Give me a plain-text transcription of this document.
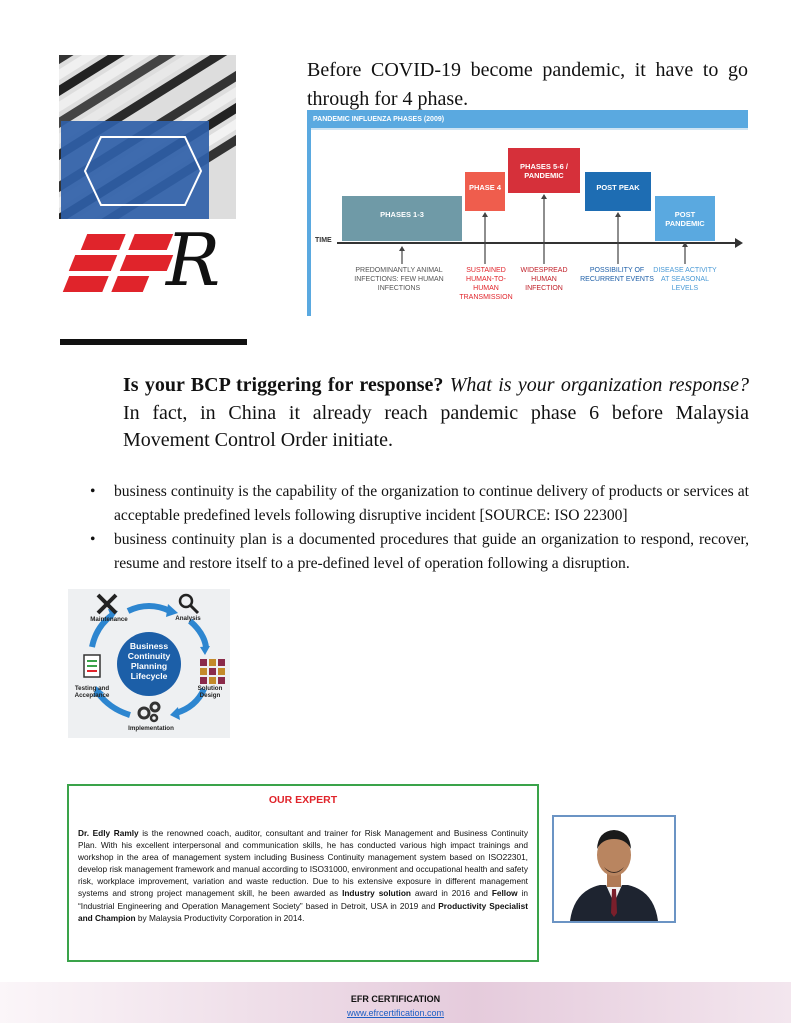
R
Before COVID-19 become pandemic, it have to go
through for 4 phase.
PANDEMIC INFLUENZA PHASES (2009)
TIME
PHASES 1-3
PREDOMINANTLY ANIMAL INFECTIONS: FEW HUMAN INFECTIONS
PHASE 4
SUSTAINED HUMAN-TO-HUMAN TRANSMISSION
PHASES 5-6 / PANDEMIC
WIDESPREAD HUMAN INFECTION
POST PEAK
POSSIBILITY OF RECURRENT EVENTS
POST PANDEMIC
DISEASE ACTIVITY AT SEASONAL LEVELS
Is your BCP triggering for response? What is your organization response? In fact, in China it already reach pandemic phase 6 before Malaysia Movement Control Order initiate.
• business continuity is the capability of the organization to continue delivery of products or services at acceptable predefined levels following disruptive incident [SOURCE: ISO 22300]
• business continuity plan is a documented procedures that guide an organization to respond, recover, resume and restore itself to a pre-defined level of operation following a disruption.
Business
Continuity
Planning
Lifecycle
Maintenance	Analysis
Solution Design
Implementation
Testing and Acceptance
OUR EXPERT
Dr. Edly Ramly is the renowned coach, auditor, consultant and trainer for Risk Management and Business Continuity Plan. With his excellent interpersonal and communication skills, he has conducted various high impact trainings and workshop in the area of management system including Business Continuity management system based on ISO22301, develop risk management framework and manual according to ISO31000, environment and occupational health and safety risk, workplace improvement, variation and waste reduction. Due to his extensive exposure in different management systems and strong project management skill, he been awarded as Industry solution award in 2016 and Fellow in “Industrial Engineering and Operation Management Society” based in Detroit, USA in 2019 and Productivity Specialist and Champion by Malaysia Productivity Corporation in 2014.
EFR CERTIFICATION
www.efrcertification.com
